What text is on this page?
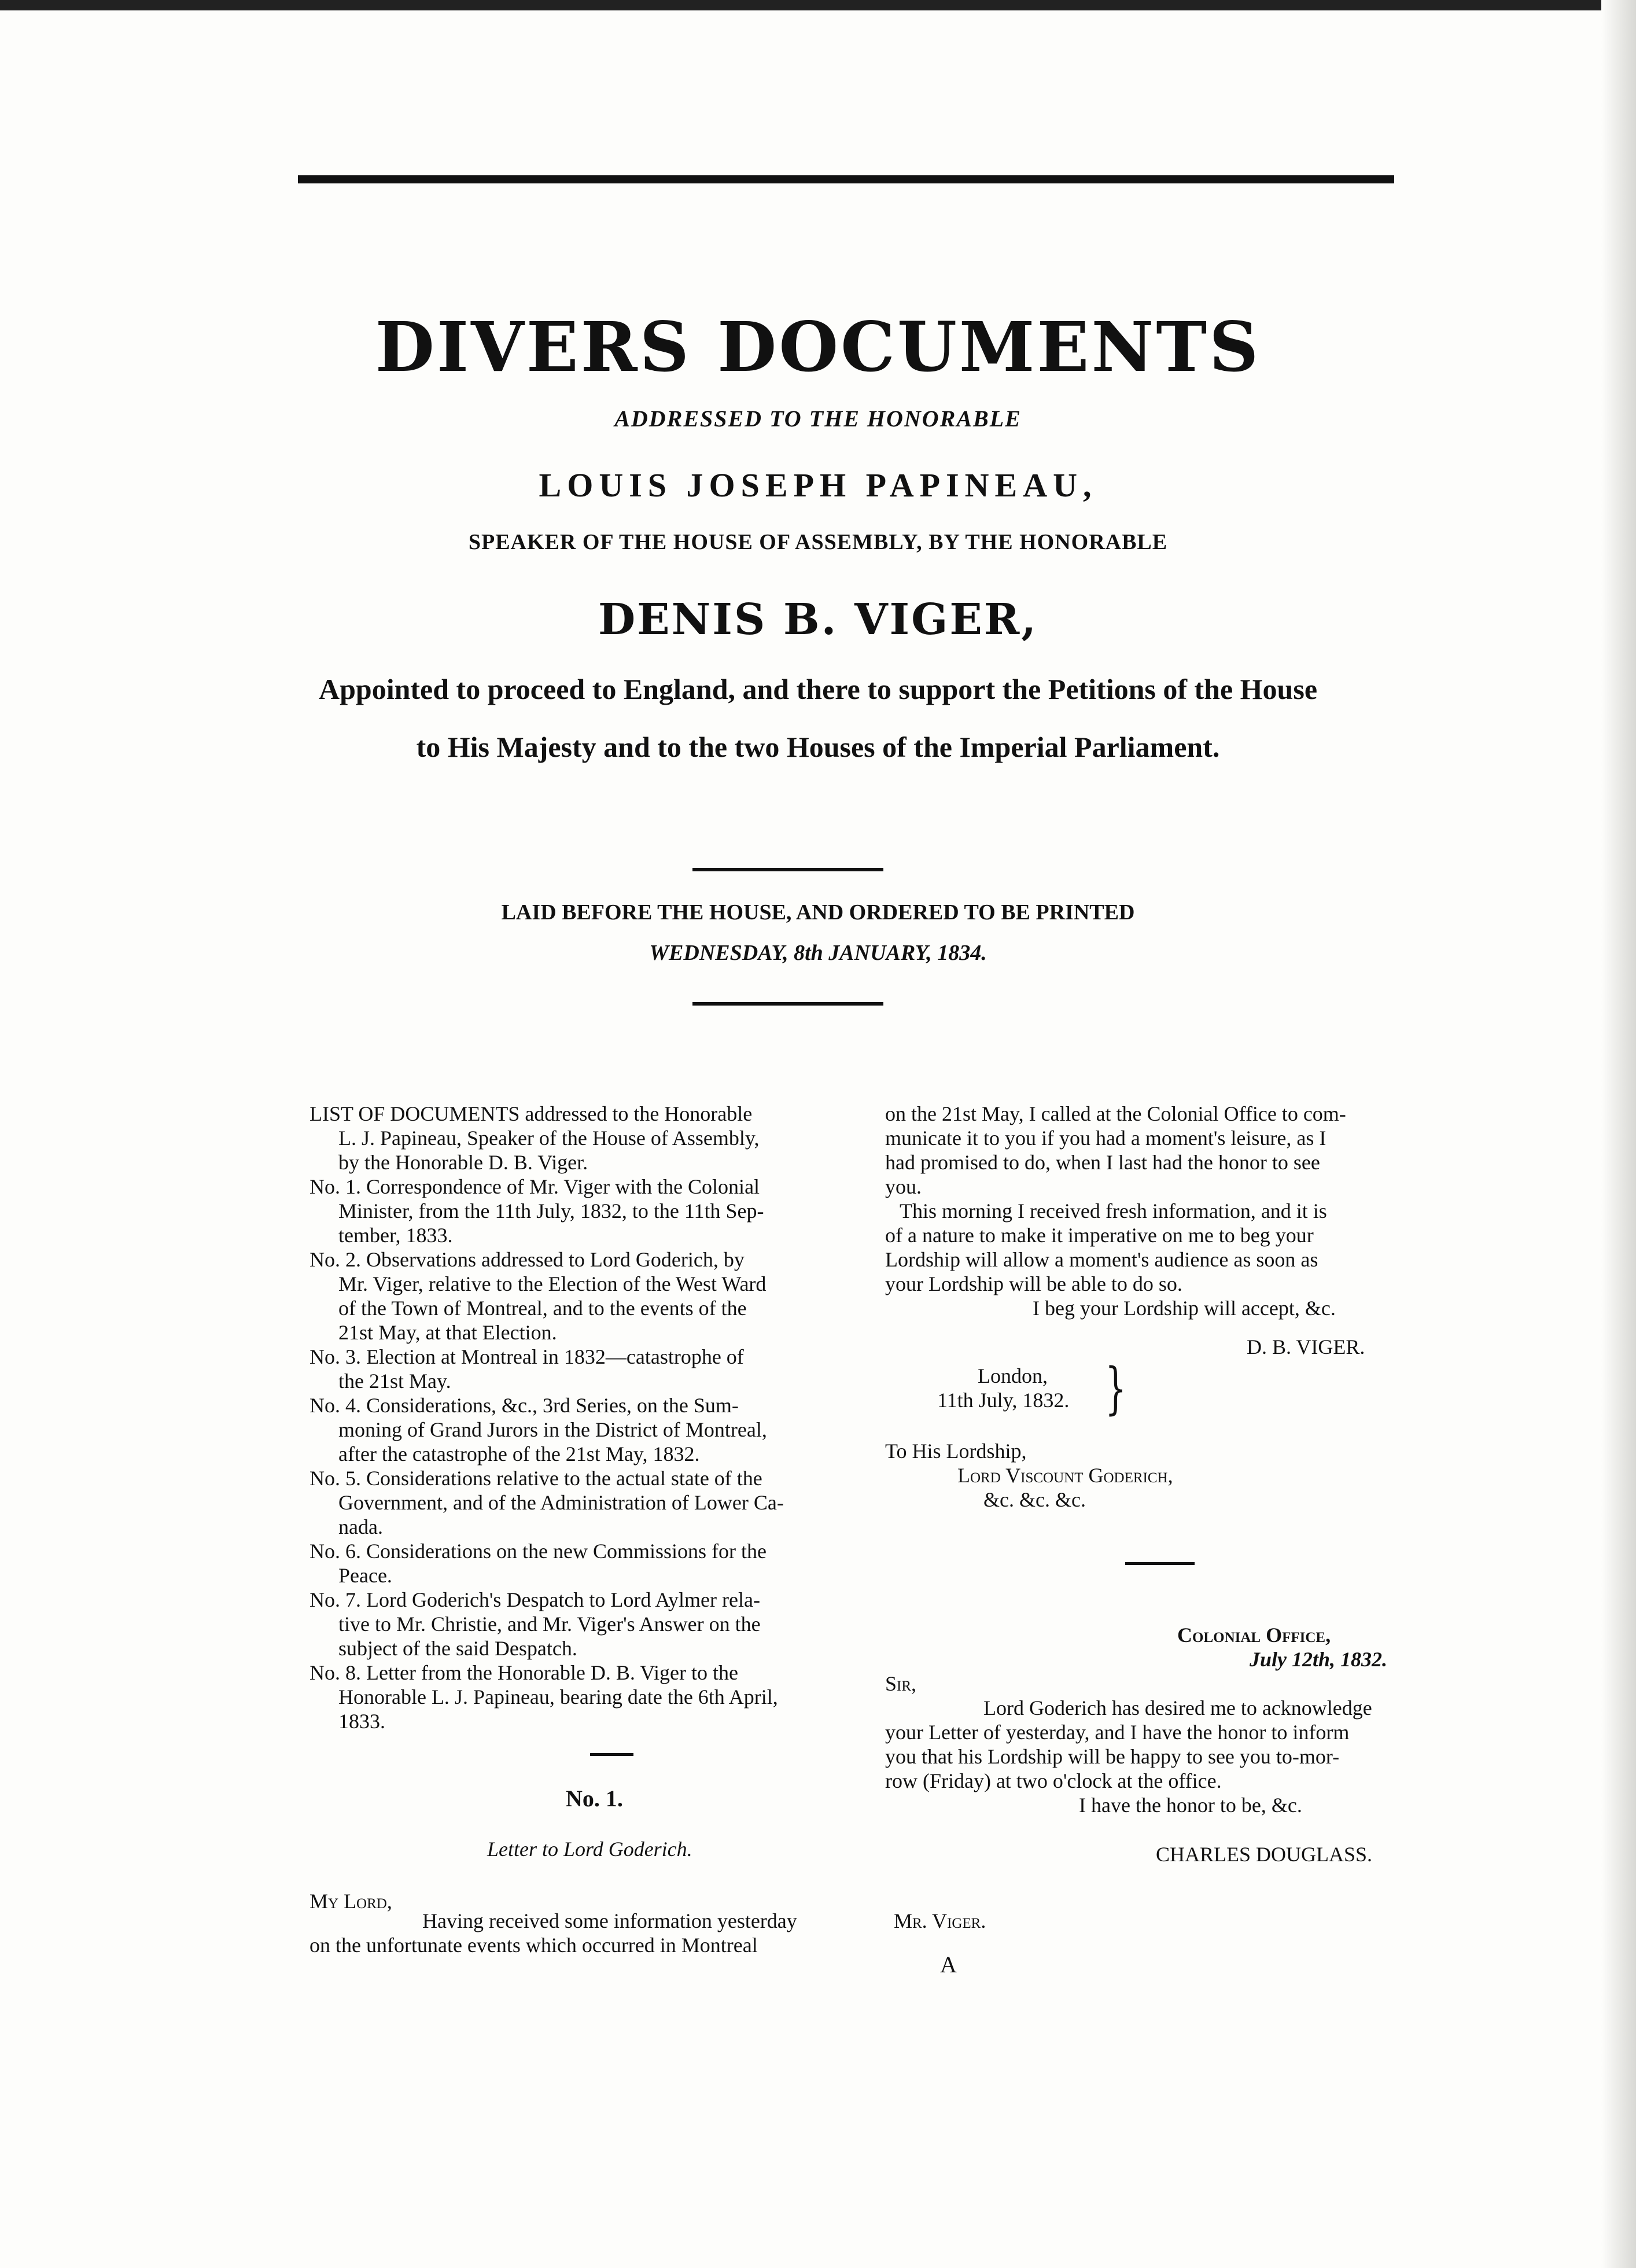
DIVERS DOCUMENTS
ADDRESSED TO THE HONORABLE
LOUIS JOSEPH PAPINEAU,
SPEAKER OF THE HOUSE OF ASSEMBLY, BY THE HONORABLE
DENIS B. VIGER,
Appointed to proceed to England, and there to support the Petitions of the House
to His Majesty and to the two Houses of the Imperial Parliament.
LAID BEFORE THE HOUSE, AND ORDERED TO BE PRINTED
WEDNESDAY, 8th JANUARY, 1834.
LIST OF DOCUMENTS addressed to the Honorable
L. J. Papineau, Speaker of the House of Assembly,
by the Honorable D. B. Viger.
No. 1. Correspondence of Mr. Viger with the Colonial
Minister, from the 11th July, 1832, to the 11th Sep-
tember, 1833.
No. 2. Observations addressed to Lord Goderich, by
Mr. Viger, relative to the Election of the West Ward
of the Town of Montreal, and to the events of the
21st May, at that Election.
No. 3. Election at Montreal in 1832—catastrophe of
the 21st May.
No. 4. Considerations, &c., 3rd Series, on the Sum-
moning of Grand Jurors in the District of Montreal,
after the catastrophe of the 21st May, 1832.
No. 5. Considerations relative to the actual state of the
Government, and of the Administration of Lower Ca-
nada.
No. 6. Considerations on the new Commissions for the
Peace.
No. 7. Lord Goderich's Despatch to Lord Aylmer rela-
tive to Mr. Christie, and Mr. Viger's Answer on the
subject of the said Despatch.
No. 8. Letter from the Honorable D. B. Viger to the
Honorable L. J. Papineau, bearing date the 6th April,
1833.
No. 1.
Letter to Lord Goderich.
My Lord,
Having received some information yesterday
on the unfortunate events which occurred in Montreal
on the 21st May, I called at the Colonial Office to com-
municate it to you if you had a moment's leisure, as I
had promised to do, when I last had the honor to see
you.
This morning I received fresh information, and it is
of a nature to make it imperative on me to beg your
Lordship will allow a moment's audience as soon as
your Lordship will be able to do so.
I beg your Lordship will accept, &c.
D. B. VIGER.
London,
11th July, 1832. }
To His Lordship,
Lord Viscount Goderich,
&c. &c. &c.
Colonial Office,
July 12th, 1832.
Sir,
Lord Goderich has desired me to acknowledge
your Letter of yesterday, and I have the honor to inform
you that his Lordship will be happy to see you to-mor-
row (Friday) at two o'clock at the office.
I have the honor to be, &c.
CHARLES DOUGLASS.
Mr. Viger.
A
